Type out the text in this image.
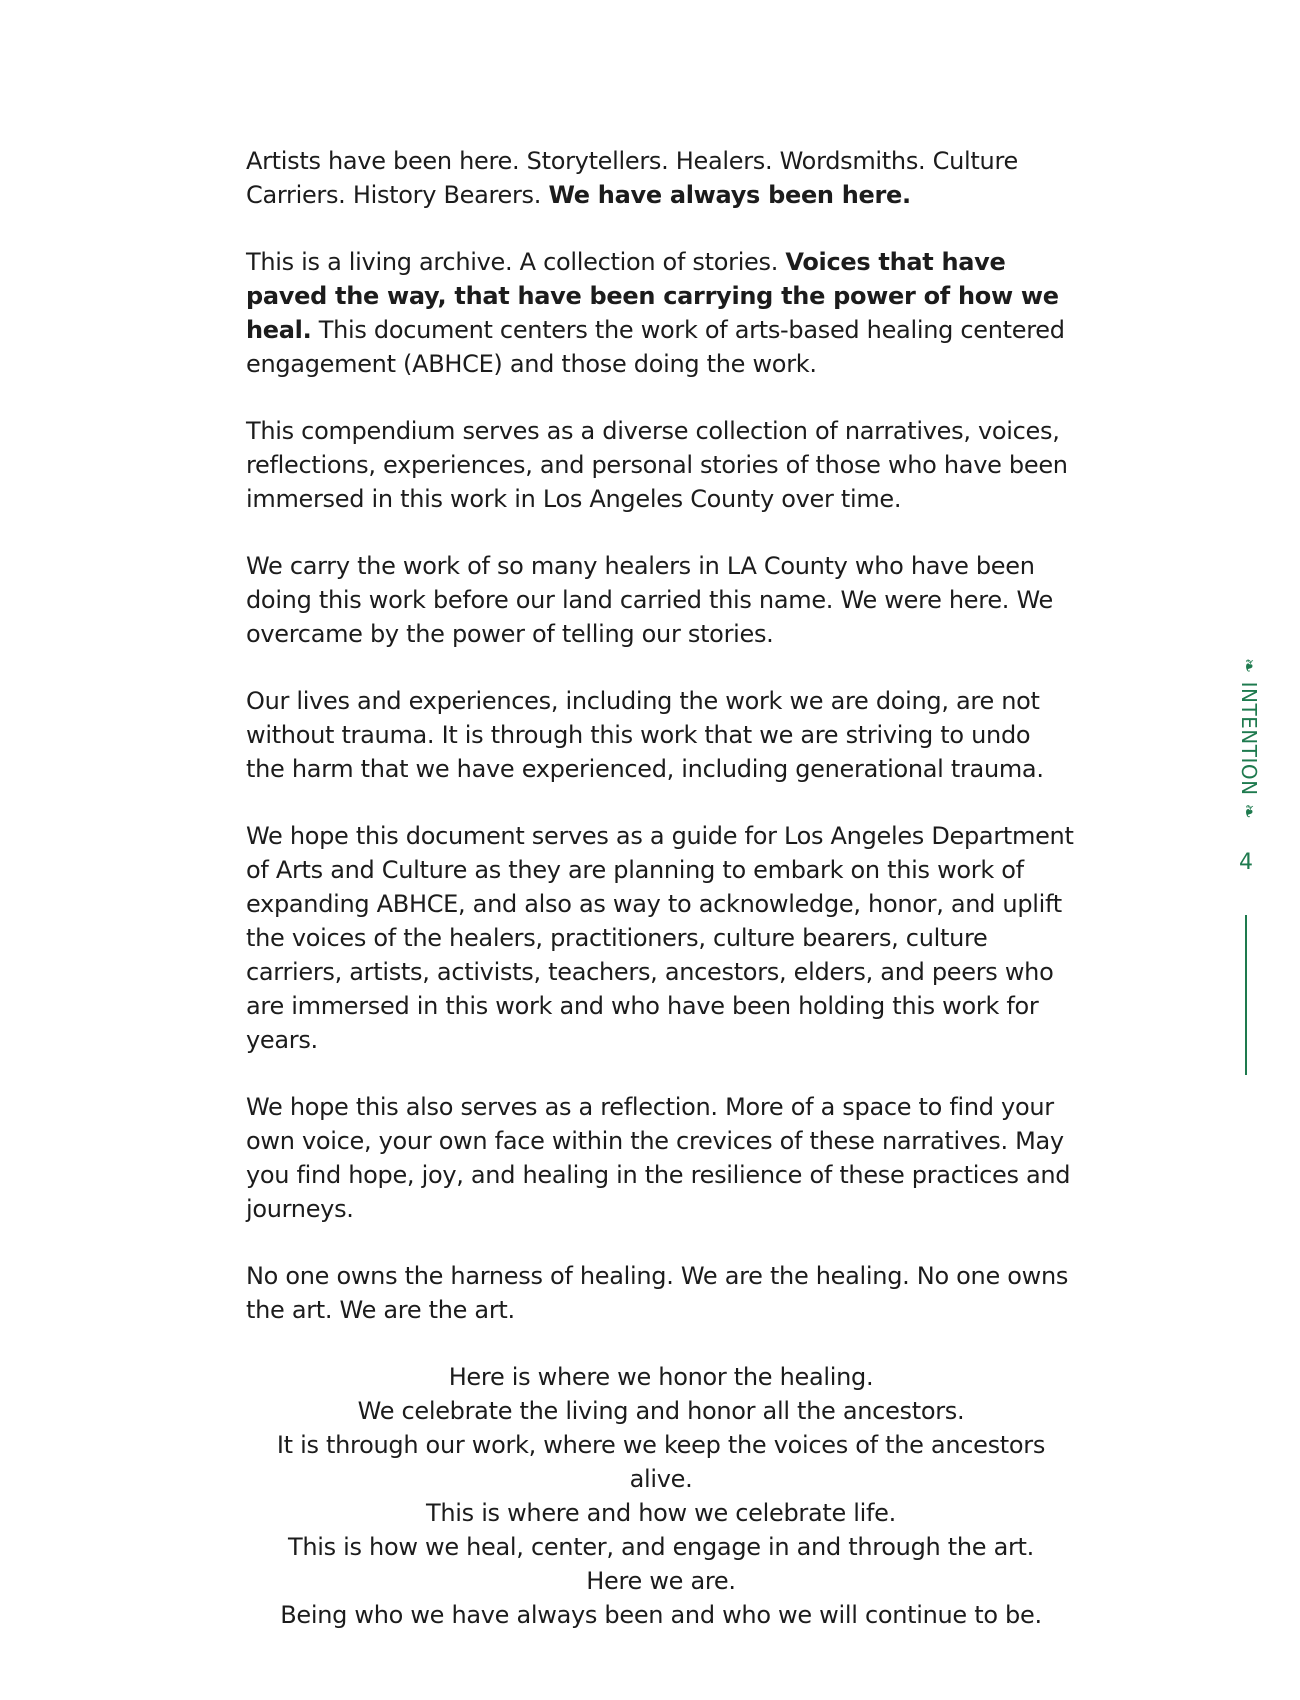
Artists have been here. Storytellers. Healers. Wordsmiths. Culture Carriers. History Bearers. We have always been here.

This is a living archive. A collection of stories. Voices that have paved the way, that have been carrying the power of how we heal. This document centers the work of arts-based healing centered engagement (ABHCE) and those doing the work.

This compendium serves as a diverse collection of narratives, voices, reflections, experiences, and personal stories of those who have been immersed in this work in Los Angeles County over time.

We carry the work of so many healers in LA County who have been doing this work before our land carried this name. We were here. We overcame by the power of telling our stories.

Our lives and experiences, including the work we are doing, are not without trauma. It is through this work that we are striving to undo the harm that we have experienced, including generational trauma.

We hope this document serves as a guide for Los Angeles Department of Arts and Culture as they are planning to embark on this work of expanding ABHCE, and also as way to acknowledge, honor, and uplift the voices of the healers, practitioners, culture bearers, culture carriers, artists, activists, teachers, ancestors, elders, and peers who are immersed in this work and who have been holding this work for years.

We hope this also serves as a reflection. More of a space to find your own voice, your own face within the crevices of these narratives. May you find hope, joy, and healing in the resilience of these practices and journeys.

No one owns the harness of healing. We are the healing. No one owns the art. We are the art.

Here is where we honor the healing.
We celebrate the living and honor all the ancestors.
It is through our work, where we keep the voices of the ancestors alive.
This is where and how we celebrate life.
This is how we heal, center, and engage in and through the art.
Here we are.
Being who we have always been and who we will continue to be.
❧
INTENTION
❧
4
